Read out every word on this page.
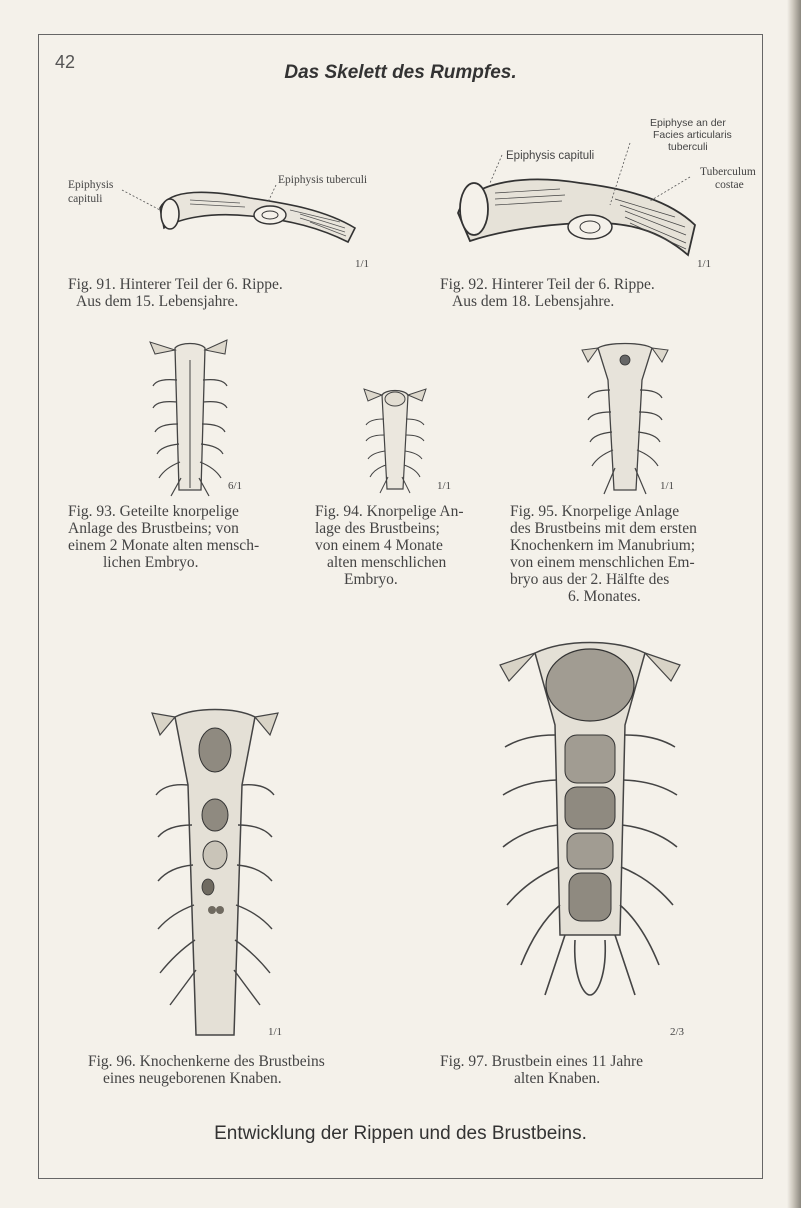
42	Das Skelett des Rumpfes.
Epiphysis capituli
Epiphysis tuberculi
1/1
Fig. 91. Hinterer Teil der 6. Rippe.
Aus dem 15. Lebensjahre.
Epiphysis capituli
Epiphyse an der
Facies articularis
tuberculi
Tuberculum
costae
1/1
Fig. 92. Hinterer Teil der 6. Rippe.
Aus dem 18. Lebensjahre.
6/1
Fig. 93. Geteilte knorpelige
Anlage des Brustbeins; von
einem 2 Monate alten mensch-
lichen Embryo.
1/1
Fig. 94. Knorpelige An-
lage des Brustbeins;
von einem 4 Monate
alten menschlichen
Embryo.
1/1
Fig. 95. Knorpelige Anlage
des Brustbeins mit dem ersten
Knochenkern im Manubrium;
von einem menschlichen Em-
bryo aus der 2. Hälfte des
6. Monates.
1/1
Fig. 96. Knochenkerne des Brustbeins
eines neugeborenen Knaben.
2/3
Fig. 97. Brustbein eines 11 Jahre
alten Knaben.
Entwicklung der Rippen und des Brustbeins.
